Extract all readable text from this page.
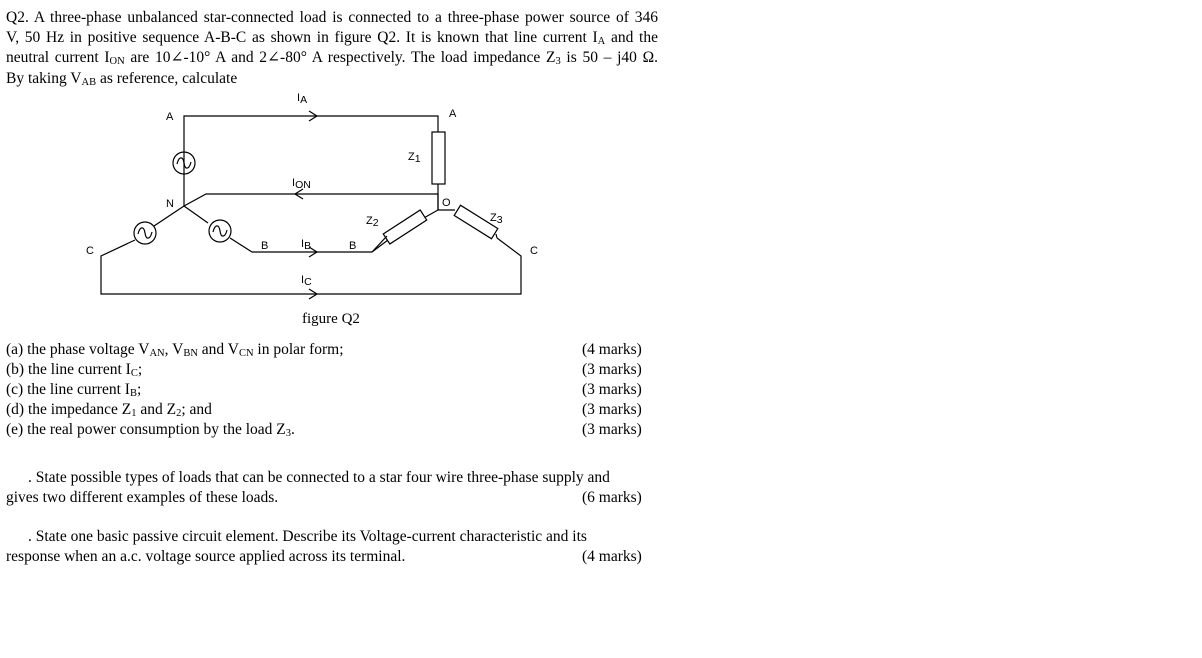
Q2. A three-phase unbalanced star-connected load is connected to a three-phase power source of 346
V, 50 Hz in positive sequence A-B-C as shown in figure Q2. It is known that line current $I_A$ and the
neutral current $I_{ON}$ are 10∠-10° A and 2∠-80° A respectively. The load impedance $Z_3$ is 50 – j40 Ω.
By taking $V_{AB}$ as reference, calculate
$I_A$
A	A
$Z_1$
$I_{ON}$
N	O
$Z_2$	$Z_3$
B	$I_B$	B
C	C
$I_C$
figure Q2
(a) the phase voltage $V_{AN}$, $V_{BN}$ and $V_{CN}$ in polar form;	(4 marks)
(b) the line current $I_C$;	(3 marks)
(c) the line current $I_B$;	(3 marks)
(d) the impedance $Z_1$ and $Z_2$; and	(3 marks)
(e) the real power consumption by the load $Z_3$.	(3 marks)
. State possible types of loads that can be connected to a star four wire three-phase supply and
gives two different examples of these loads.	(6 marks)
. State one basic passive circuit element. Describe its Voltage-current characteristic and its
response when an a.c. voltage source applied across its terminal.	(4 marks)
